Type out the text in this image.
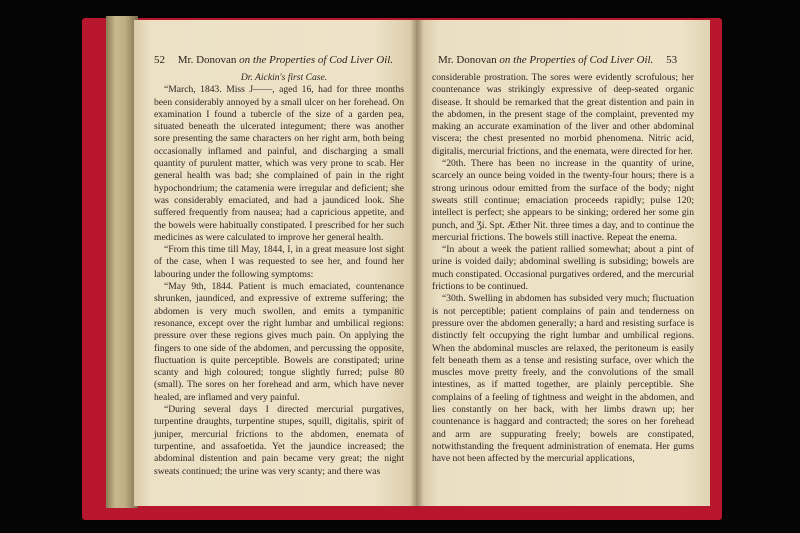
52 Mr. Donovan on the Properties of Cod Liver Oil.

Dr. Aickin's first Case.

“March, 1843. Miss J——, aged 16, had for three months been considerably annoyed by a small ulcer on her forehead. On examination I found a tubercle of the size of a garden pea, situated beneath the ulcerated integument; there was another sore presenting the same characters on her right arm, both being occasionally inflamed and painful, and discharging a small quantity of purulent matter, which was very prone to scab. Her general health was bad; she complained of pain in the right hypochondrium; the catamenia were irregular and deficient; she was considerably emaciated, and had a jaundiced look. She suffered frequently from nausea; had a capricious appetite, and the bowels were habitually constipated. I prescribed for her such medicines as were calculated to improve her general health.

“From this time till May, 1844, I, in a great measure lost sight of the case, when I was requested to see her, and found her labouring under the following symptoms:

“May 9th, 1844. Patient is much emaciated, countenance shrunken, jaundiced, and expressive of extreme suffering; the abdomen is very much swollen, and emits a tympanitic resonance, except over the right lumbar and umbilical regions: pressure over these regions gives much pain. On applying the fingers to one side of the abdomen, and percussing the opposite, fluctuation is quite perceptible. Bowels are constipated; urine scanty and high coloured; tongue slightly furred; pulse 80 (small). The sores on her forehead and arm, which have never healed, are inflamed and very painful.

“During several days I directed mercurial purgatives, turpentine draughts, turpentine stupes, squill, digitalis, spirit of juniper, mercurial frictions to the abdomen, enemata of turpentine, and assafoetida. Yet the jaundice increased; the abdominal distention and pain became very great; the night sweats continued; the urine was very scanty; and there was

Mr. Donovan on the Properties of Cod Liver Oil. 53

considerable prostration. The sores were evidently scrofulous; her countenance was strikingly expressive of deep-seated organic disease. It should be remarked that the great distention and pain in the abdomen, in the present stage of the complaint, prevented my making an accurate examination of the liver and other abdominal viscera; the chest presented no morbid phenomena. Nitric acid, digitalis, mercurial frictions, and the enemata, were directed for her.

“20th. There has been no increase in the quantity of urine, scarcely an ounce being voided in the twenty-four hours; there is a strong urinous odour emitted from the surface of the body; night sweats still continue; emaciation proceeds rapidly; pulse 120; intellect is perfect; she appears to be sinking; ordered her some gin punch, and Ʒi. Spt. Æther Nit. three times a day, and to continue the mercurial frictions. The bowels still inactive. Repeat the enema.

“In about a week the patient rallied somewhat; about a pint of urine is voided daily; abdominal swelling is subsiding; bowels are much constipated. Occasional purgatives ordered, and the mercurial frictions to be continued.

“30th. Swelling in abdomen has subsided very much; fluctuation is not perceptible; patient complains of pain and tenderness on pressure over the abdomen generally; a hard and resisting surface is distinctly felt occupying the right lumbar and umbilical regions. When the abdominal muscles are relaxed, the peritoneum is easily felt beneath them as a tense and resisting surface, over which the muscles move pretty freely, and the convolutions of the small intestines, as if matted together, are plainly perceptible. She complains of a feeling of tightness and weight in the abdomen, and lies constantly on her back, with her limbs drawn up; her countenance is haggard and contracted; the sores on her forehead and arm are suppurating freely; bowels are constipated, notwithstanding the frequent administration of enemata. Her gums have not been affected by the mercurial applications,
